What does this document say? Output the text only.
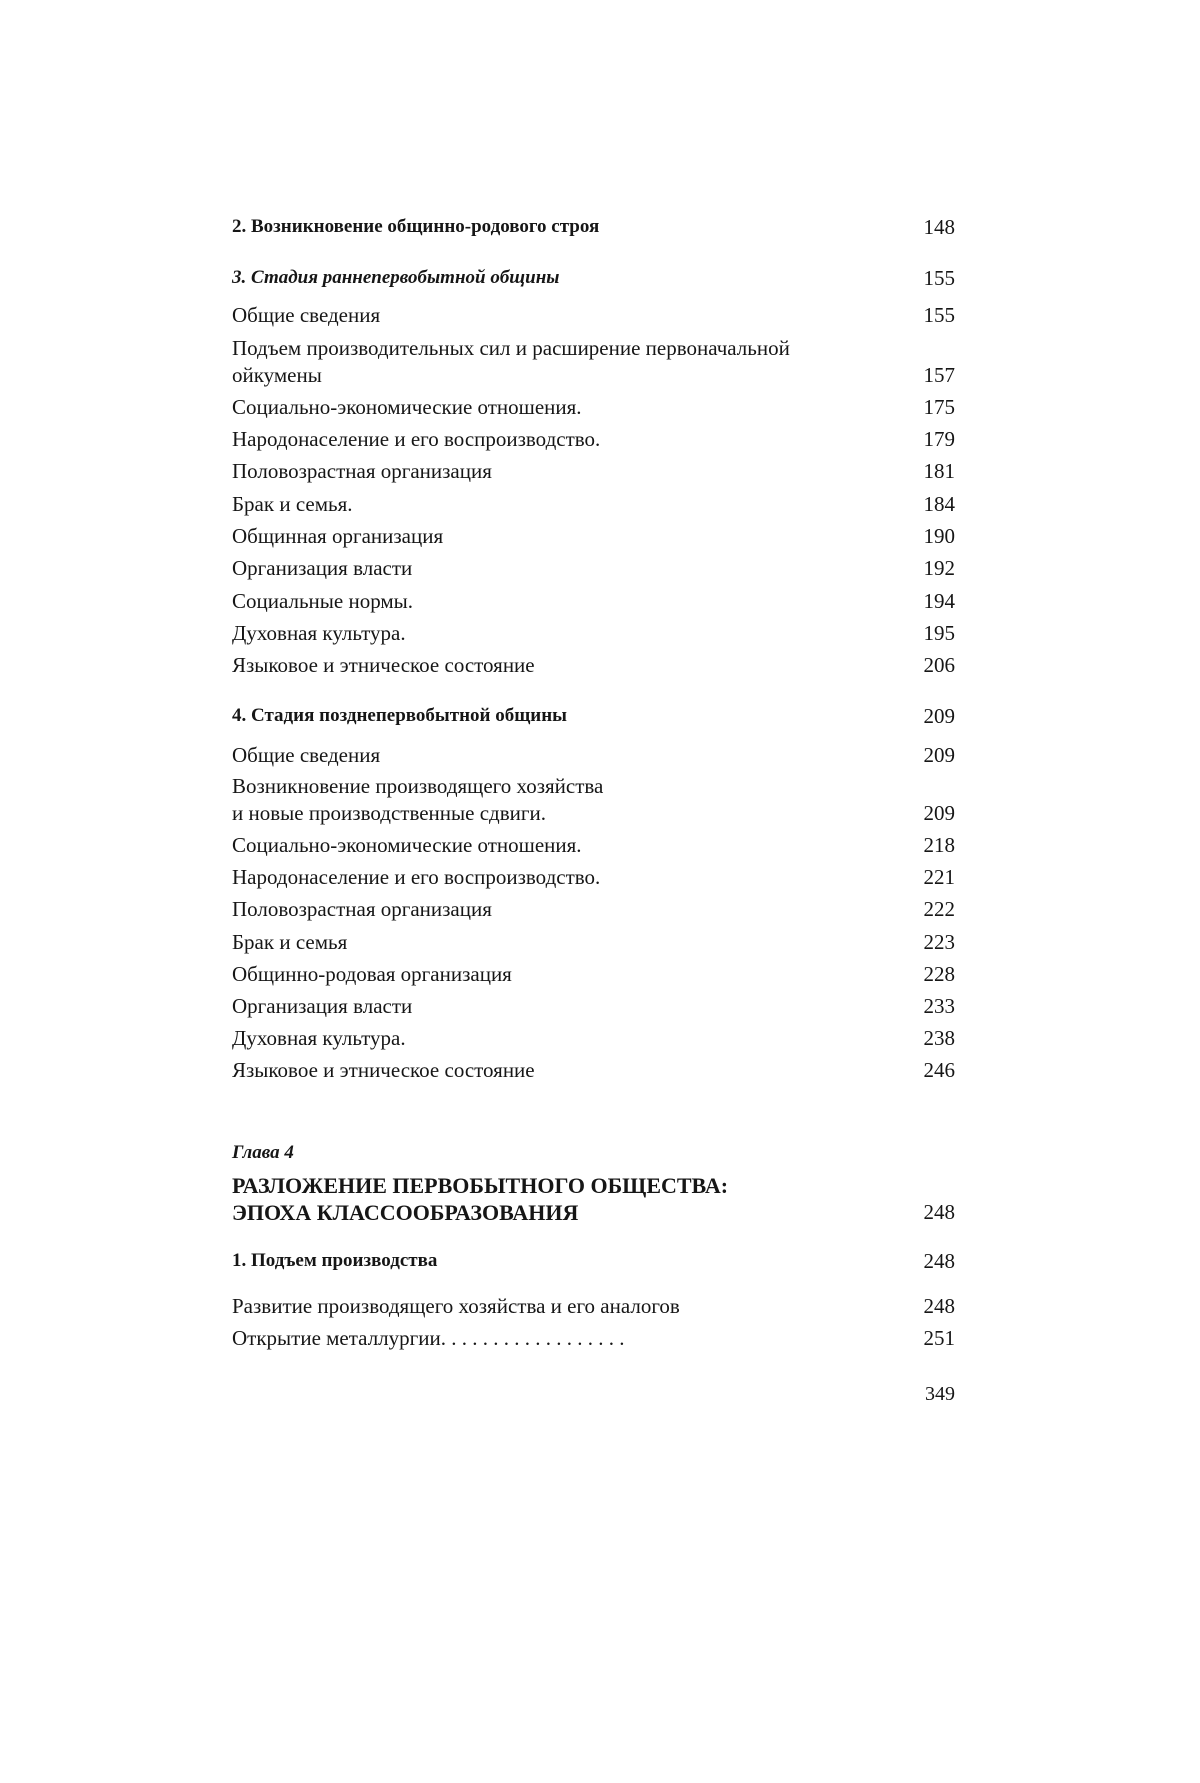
2. Возникновение общинно-родового строя	148
3. Стадия раннепервобытной общины	155
Общие сведения	155
Подъем производительных сил и расширение первоначальной
ойкумены	157
Социально-экономические отношения.	175
Народонаселение и его воспроизводство.	179
Половозрастная организация	181
Брак и семья.	184
Общинная организация	190
Организация власти	192
Социальные нормы.	194
Духовная культура.	195
Языковое и этническое состояние	206
4. Стадия позднепервобытной общины	209
Общие сведения	209
Возникновение производящего хозяйства
и новые производственные сдвиги.	209
Социально-экономические отношения.	218
Народонаселение и его воспроизводство.	221
Половозрастная организация	222
Брак и семья	223
Общинно-родовая организация	228
Организация власти	233
Духовная культура.	238
Языковое и этническое состояние	246
Глава 4
РАЗЛОЖЕНИЕ ПЕРВОБЫТНОГО ОБЩЕСТВА:
ЭПОХА КЛАССООБРАЗОВАНИЯ	248
1. Подъем производства	248
Развитие производящего хозяйства и его аналогов	248
Открытие металлургии. . . . . . . . . . . . . . . . . .	251
349
